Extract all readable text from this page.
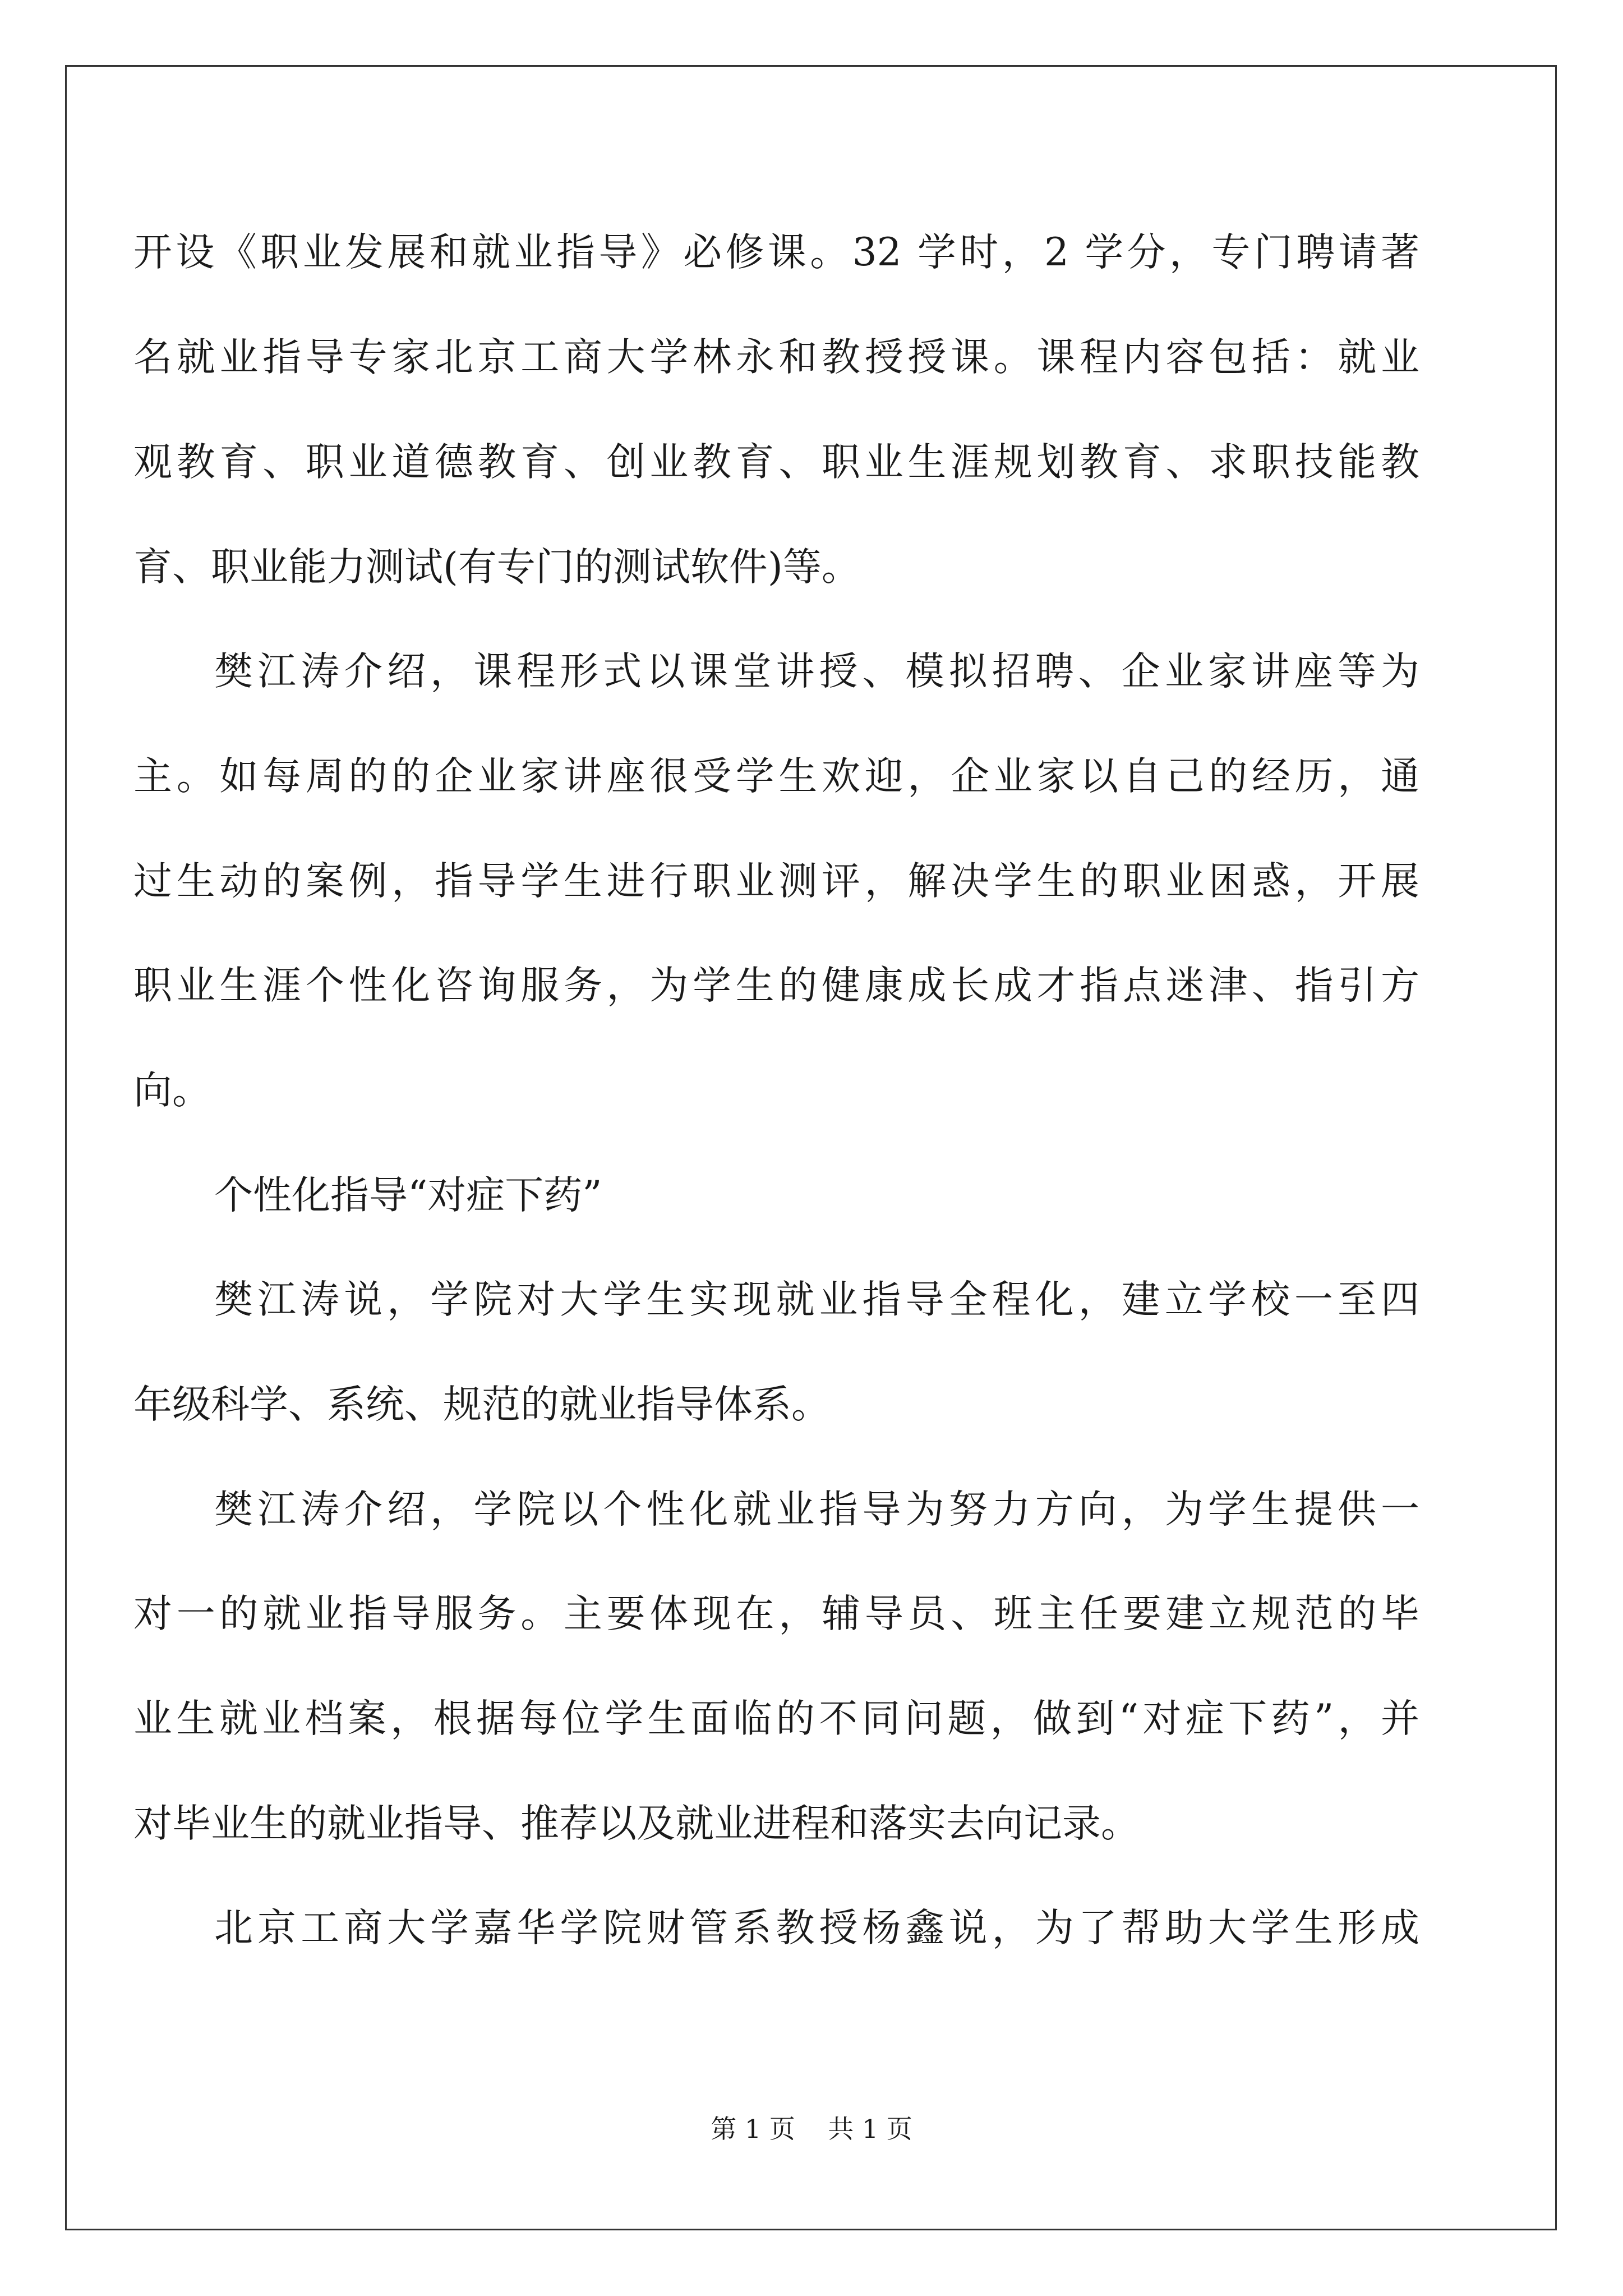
开设《职业发展和就业指导》必修课。32 学时，2 学分，专门聘请著
名就业指导专家北京工商大学林永和教授授课。课程内容包括：就业
观教育、职业道德教育、创业教育、职业生涯规划教育、求职技能教
育、职业能力测试(有专门的测试软件)等。
樊江涛介绍，课程形式以课堂讲授、模拟招聘、企业家讲座等为
主。如每周的的企业家讲座很受学生欢迎，企业家以自己的经历，通
过生动的案例，指导学生进行职业测评，解决学生的职业困惑，开展
职业生涯个性化咨询服务，为学生的健康成长成才指点迷津、指引方
向。
个性化指导“对症下药”
樊江涛说，学院对大学生实现就业指导全程化，建立学校一至四
年级科学、系统、规范的就业指导体系。
樊江涛介绍，学院以个性化就业指导为努力方向，为学生提供一
对一的就业指导服务。主要体现在，辅导员、班主任要建立规范的毕
业生就业档案，根据每位学生面临的不同问题，做到“对症下药”，并
对毕业生的就业指导、推荐以及就业进程和落实去向记录。
北京工商大学嘉华学院财管系教授杨鑫说，为了帮助大学生形成
第 1 页    共 1 页
